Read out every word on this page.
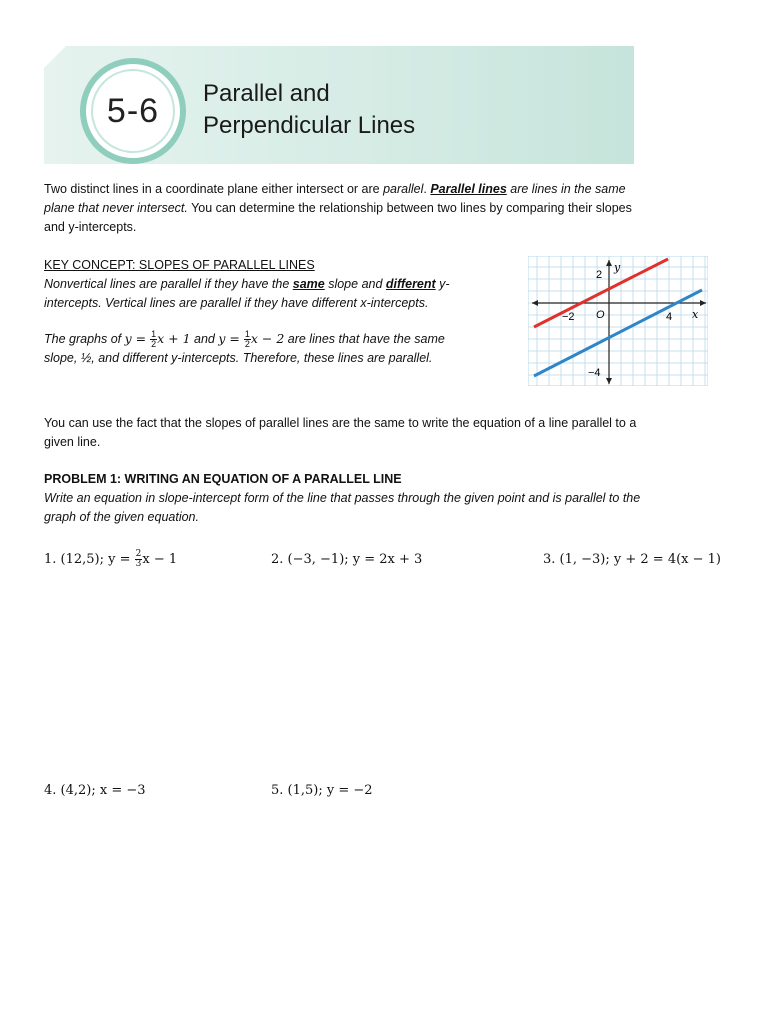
5-6	Parallel and
Perpendicular Lines
Two distinct lines in a coordinate plane either intersect or are parallel. Parallel lines are lines in the same
plane that never intersect. You can determine the relationship between two lines by comparing their slopes
and y-intercepts.
KEY CONCEPT: SLOPES OF PARALLEL LINES
Nonvertical lines are parallel if they have the same slope and different y-
intercepts. Vertical lines are parallel if they have different x-intercepts.
The graphs of $y = \frac{1}{2}$ x + 1 and $y = \frac{1}{2}$ x − 2 are lines that have the same
slope, ½, and different y-intercepts. Therefore, these lines are parallel.
2
y
−2 O	4 x
−4
You can use the fact that the slopes of parallel lines are the same to write the equation of a line parallel to a
given line.
PROBLEM 1: WRITING AN EQUATION OF A PARALLEL LINE
Write an equation in slope-intercept form of the line that passes through the given point and is parallel to the
graph of the given equation.
1. (12,5); $y = \frac{2}{3}$ x − 1	2. (−3, −1); y = 2x + 3	3. (1, −3); y + 2 = 4(x − 1)
4. (4,2); x = −3	5. (1,5); y = −2
